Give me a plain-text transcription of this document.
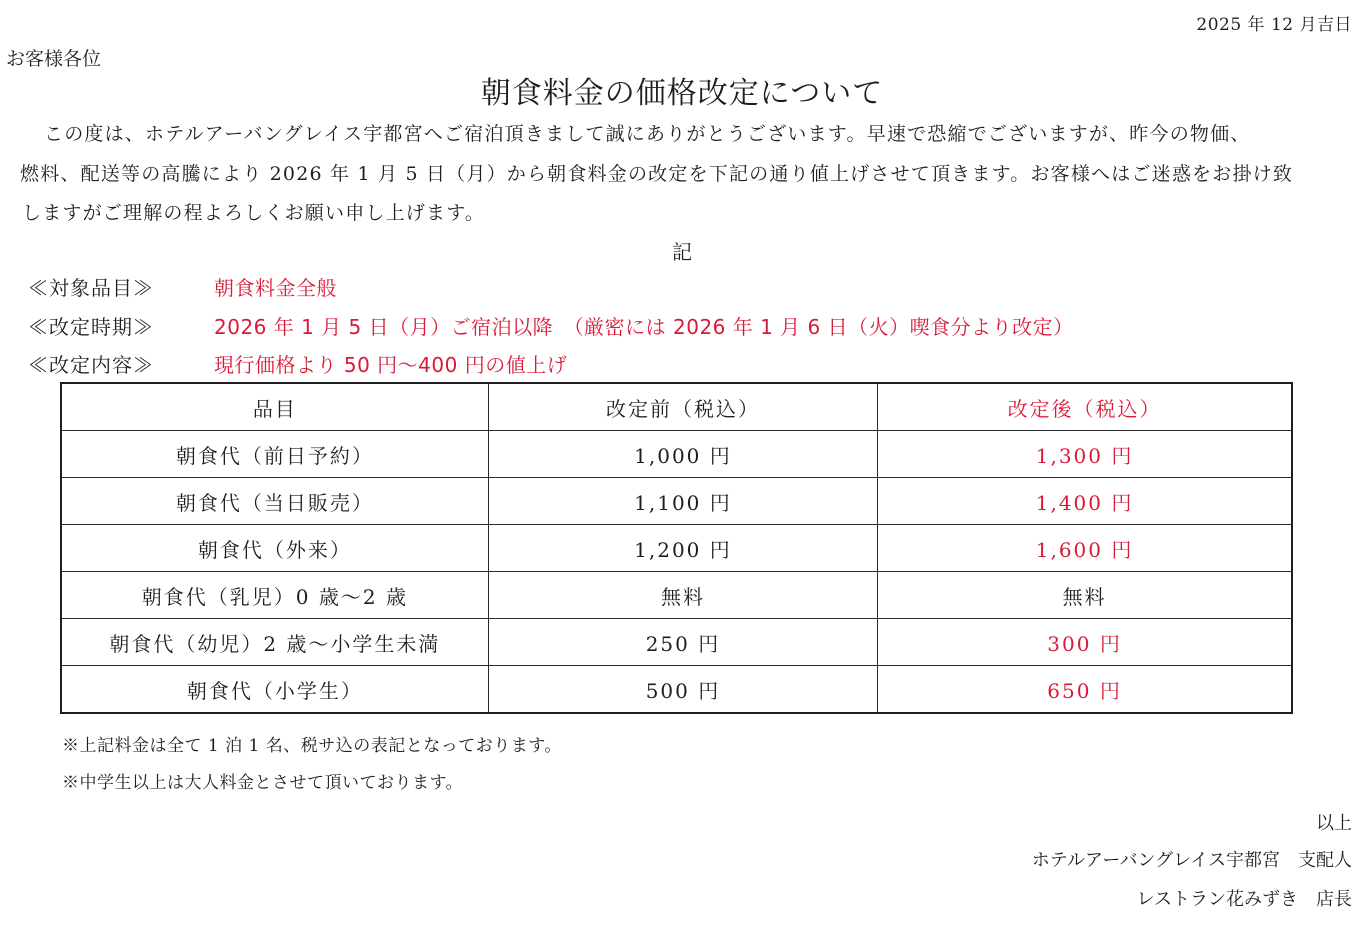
2025 年 12 月吉日
お客様各位
朝食料金の価格改定について
この度は、ホテルアーバングレイス宇都宮へご宿泊頂きまして誠にありがとうございます。早速で恐縮でございますが、昨今の物価、
燃料、配送等の高騰により 2026 年 1 月 5 日（月）から朝食料金の改定を下記の通り値上げさせて頂きます。お客様へはご迷惑をお掛け致
しますがご理解の程よろしくお願い申し上げます。
記
≪対象品目≫	朝食料金全般
≪改定時期≫	2026 年 1 月 5 日（月）ご宿泊以降　（厳密には 2026 年 1 月 6 日（火）喫食分より改定）
≪改定内容≫	現行価格より 50 円～400 円の値上げ
品目	改定前（税込）	改定後（税込）
朝食代（前日予約）	1,000 円	1,300 円
朝食代（当日販売）	1,100 円	1,400 円
朝食代（外来）	1,200 円	1,600 円
朝食代（乳児）0 歳～2 歳	無料	無料
朝食代（幼児）2 歳～小学生未満	250 円	300 円
朝食代（小学生）	500 円	650 円
※上記料金は全て 1 泊 1 名、税サ込の表記となっております。
※中学生以上は大人料金とさせて頂いております。
以上
ホテルアーバングレイス宇都宮　支配人
レストラン花みずき　店長
